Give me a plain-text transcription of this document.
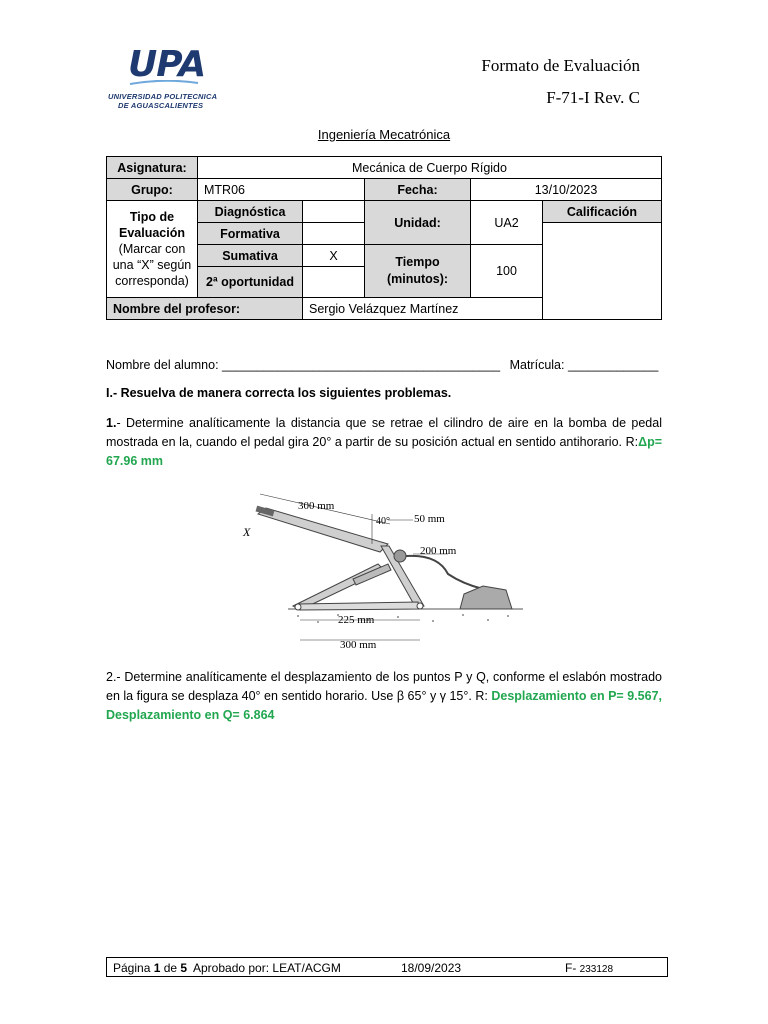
UPA
UNIVERSIDAD POLITECNICA
DE AGUASCALIENTES
Formato de Evaluación
F-71-I Rev. C
Ingeniería Mecatrónica
Asignatura:	Mecánica de Cuerpo Rígido				
Grupo:	MTR06		Fecha:	13/10/2023	
Tipo de Evaluación
(Marcar con una “X” según corresponda)	Diagnóstica		Unidad:	UA2	Calificación
	Formativa				
	Sumativa	X	Tiempo (minutos):	100	
	2ª oportunidad				
Nombre del profesor:		Sergio Velázquez Martínez			
Nombre del alumno: ________________________________________ Matrícula: _____________
I.- Resuelva de manera correcta los siguientes problemas.
1.- Determine analíticamente la distancia que se retrae el cilindro de aire en la bomba de pedal mostrada en la, cuando el pedal gira 20° a partir de su posición actual en sentido antihorario. R:Δp= 67.96 mm
300 mm
40° 50 mm
200 mm
225 mm
300 mm
X
2.- Determine analíticamente el desplazamiento de los puntos P y Q, conforme el eslabón mostrado en la figura se desplaza 40° en sentido horario. Use β 65° y γ 15°. R: Desplazamiento en P= 9.567, Desplazamiento en Q= 6.864
Página 1 de 5 Aprobado por: LEAT/ACGM	18/09/2023	F- 233128
